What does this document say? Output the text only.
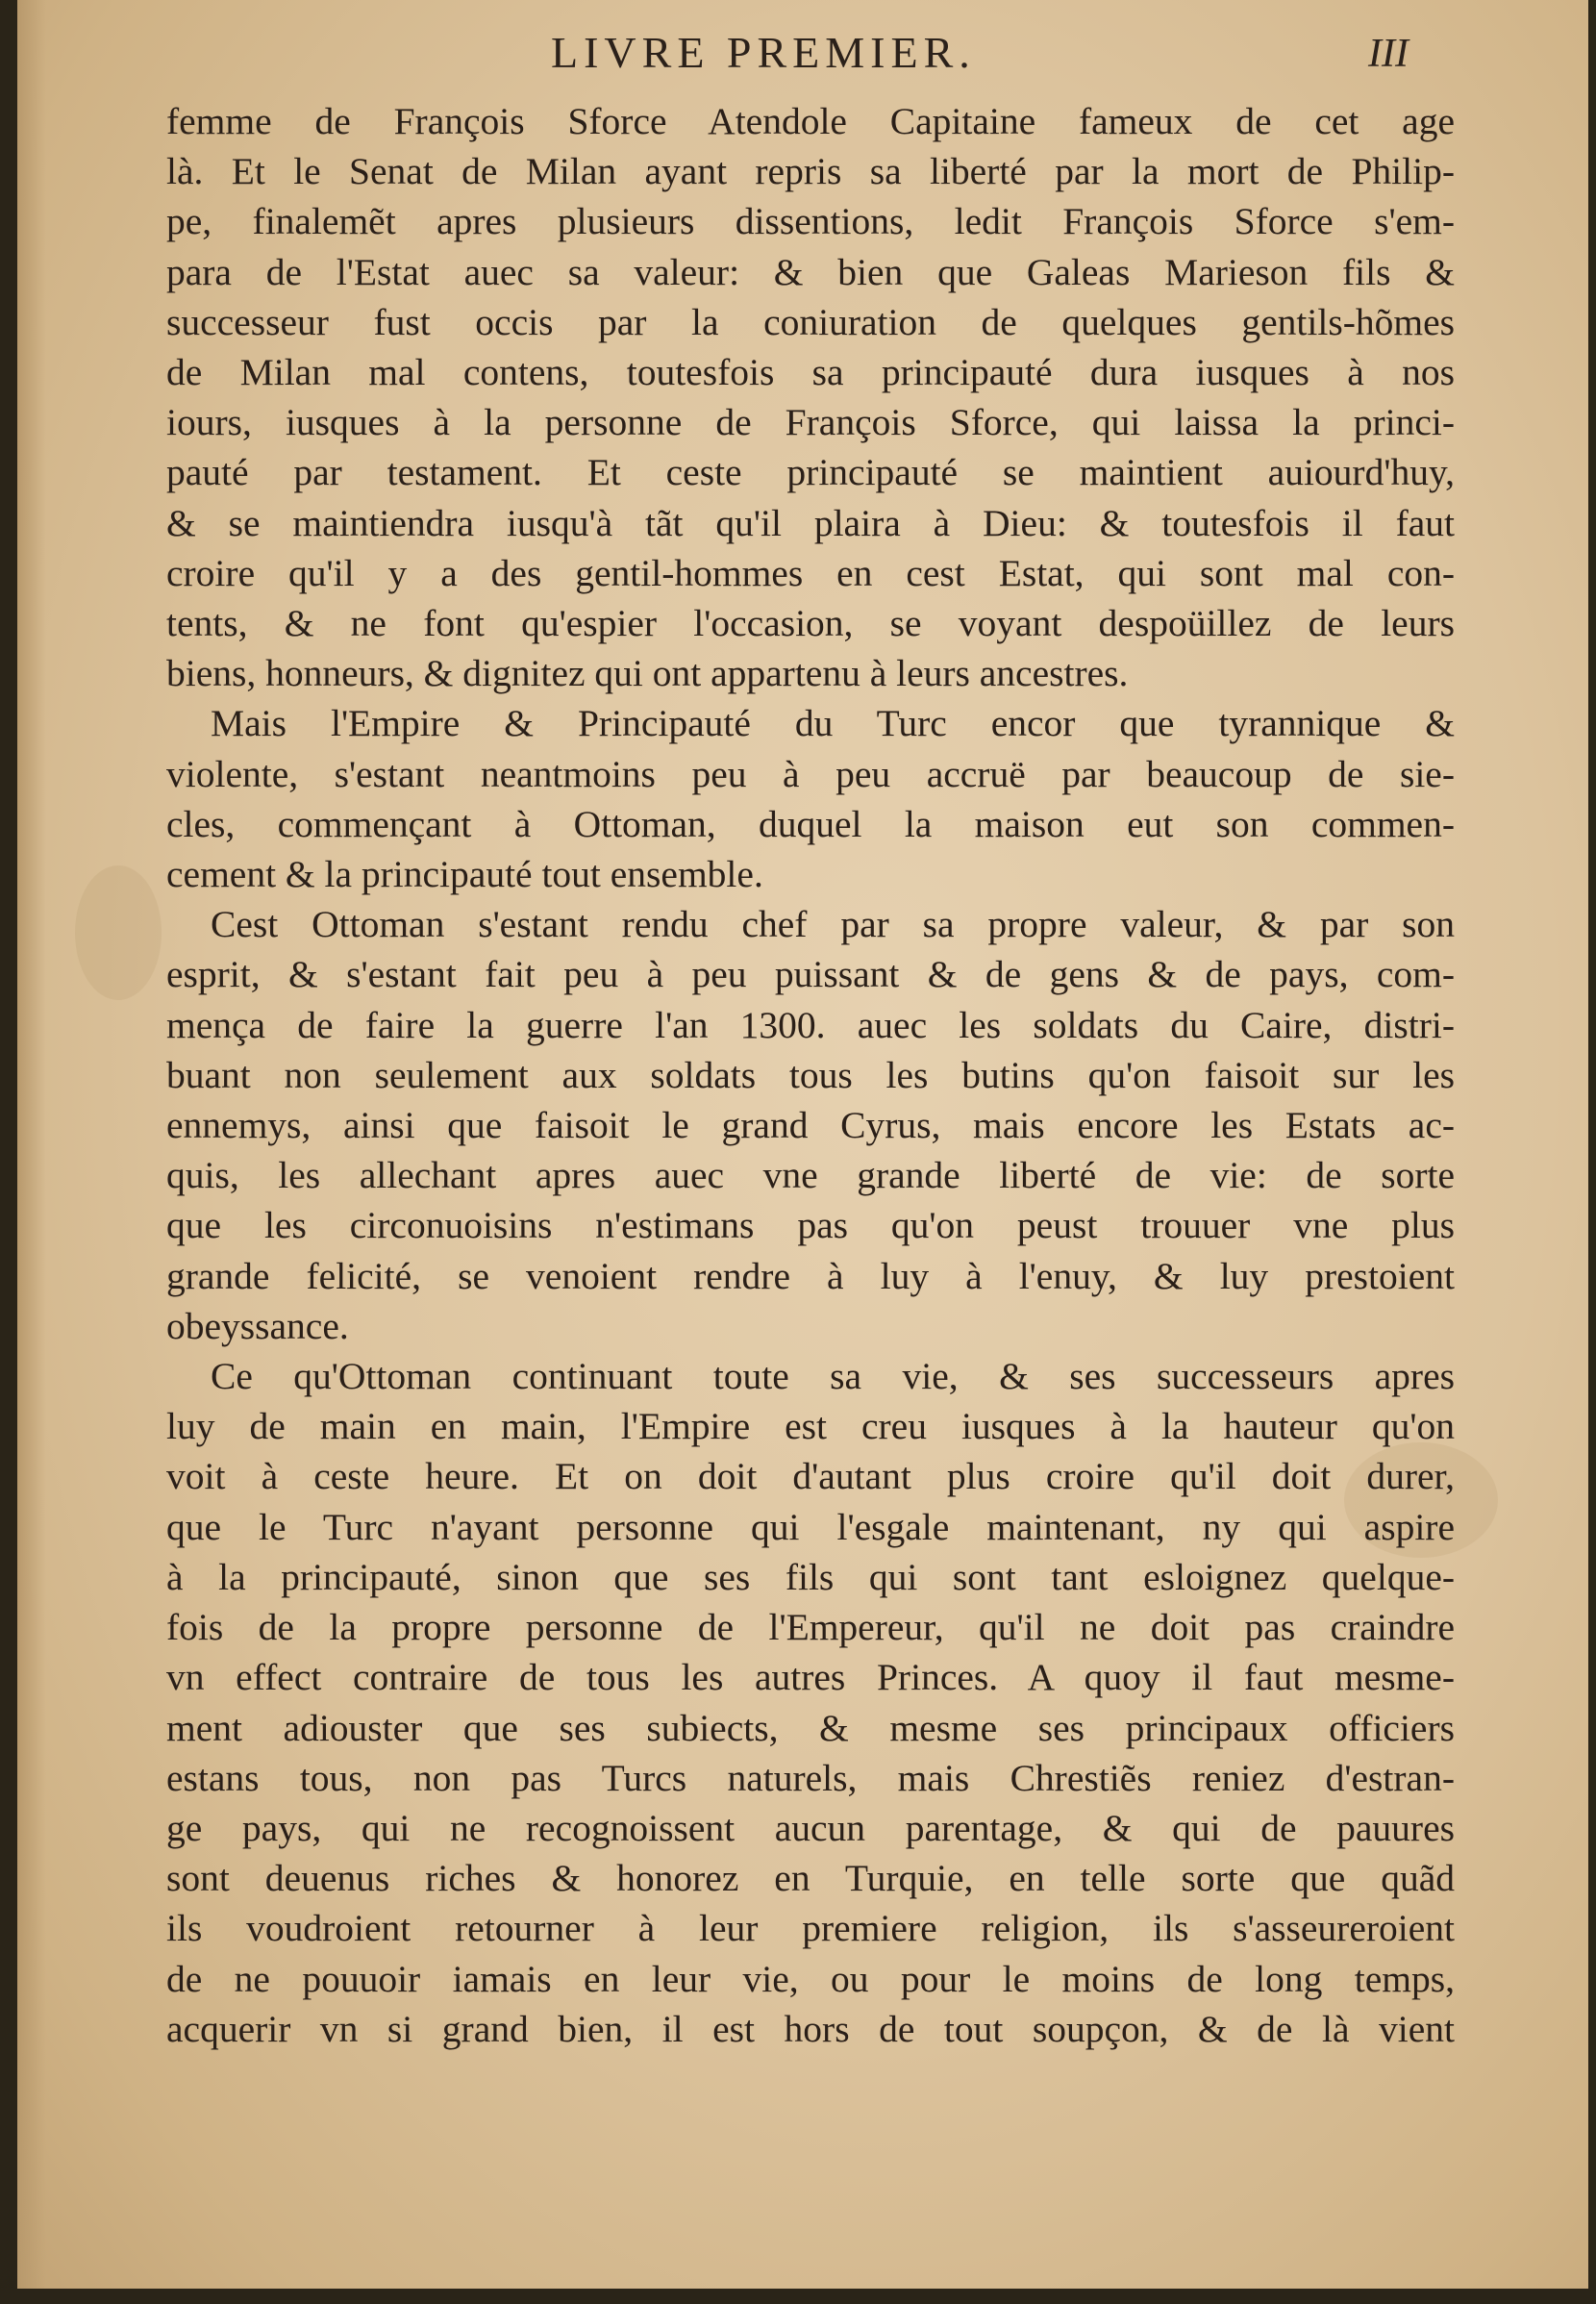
LIVRE PREMIER.	III
femme de François Sforce Atendole Capitaine fameux de cet age
là. Et le Senat de Milan ayant repris sa liberté par la mort de Philip-
pe, finalemẽt apres plusieurs dissentions, ledit François Sforce s'em-
para de l'Estat auec sa valeur: & bien que Galeas Marieson fils &
successeur fust occis par la coniuration de quelques gentils-hõmes
de Milan mal contens, toutesfois sa principauté dura iusques à nos
iours, iusques à la personne de François Sforce, qui laissa la princi-
pauté par testament. Et ceste principauté se maintient auiourd'huy,
& se maintiendra iusqu'à tãt qu'il plaira à Dieu: & toutesfois il faut
croire qu'il y a des gentil-hommes en cest Estat, qui sont mal con-
tents, & ne font qu'espier l'occasion, se voyant despoüillez de leurs
biens, honneurs, & dignitez qui ont appartenu à leurs ancestres.
Mais l'Empire & Principauté du Turc encor que tyrannique &
violente, s'estant neantmoins peu à peu accruë par beaucoup de sie-
cles, commençant à Ottoman, duquel la maison eut son commen-
cement & la principauté tout ensemble.
Cest Ottoman s'estant rendu chef par sa propre valeur, & par son
esprit, & s'estant fait peu à peu puissant & de gens & de pays, com-
mença de faire la guerre l'an 1300. auec les soldats du Caire, distri-
buant non seulement aux soldats tous les butins qu'on faisoit sur les
ennemys, ainsi que faisoit le grand Cyrus, mais encore les Estats ac-
quis, les allechant apres auec vne grande liberté de vie: de sorte
que les circonuoisins n'estimans pas qu'on peust trouuer vne plus
grande felicité, se venoient rendre à luy à l'enuy, & luy prestoient
obeyssance.
Ce qu'Ottoman continuant toute sa vie, & ses successeurs apres
luy de main en main, l'Empire est creu iusques à la hauteur qu'on
voit à ceste heure. Et on doit d'autant plus croire qu'il doit durer,
que le Turc n'ayant personne qui l'esgale maintenant, ny qui aspire
à la principauté, sinon que ses fils qui sont tant esloignez quelque-
fois de la propre personne de l'Empereur, qu'il ne doit pas craindre
vn effect contraire de tous les autres Princes. A quoy il faut mesme-
ment adiouster que ses subiects, & mesme ses principaux officiers
estans tous, non pas Turcs naturels, mais Chrestiẽs reniez d'estran-
ge pays, qui ne recognoissent aucun parentage, & qui de pauures
sont deuenus riches & honorez en Turquie, en telle sorte que quãd
ils voudroient retourner à leur premiere religion, ils s'asseureroient
de ne pouuoir iamais en leur vie, ou pour le moins de long temps,
acquerir vn si grand bien, il est hors de tout soupçon, & de là vient
